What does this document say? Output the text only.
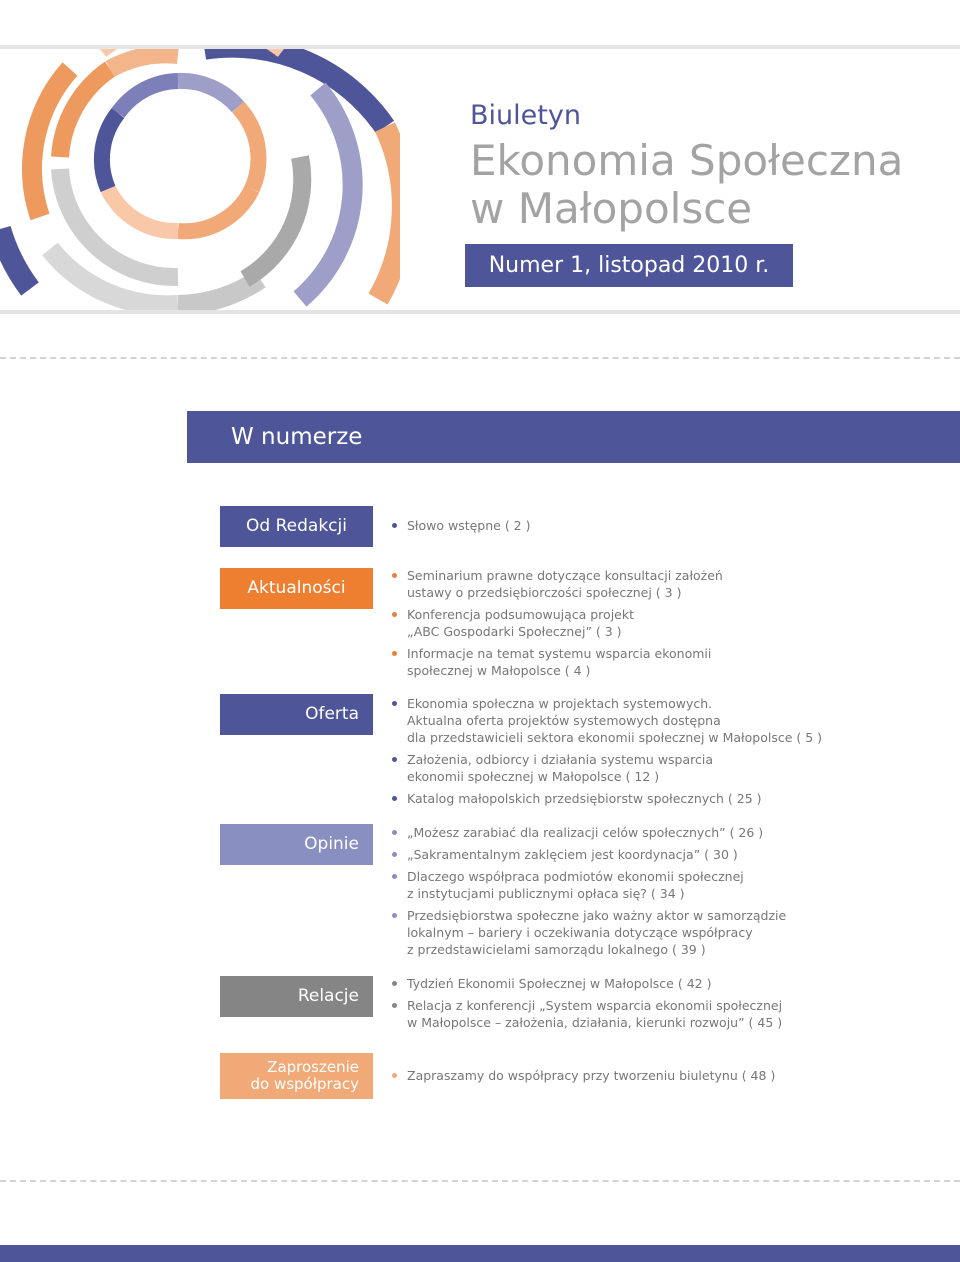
Biuletyn
Ekonomia Społeczna
w Małopolsce
Numer 1, listopad 2010 r.
W numerze
Od Redakcji	Słowo wstępne ( 2 )
Aktualności
Seminarium prawne dotyczące konsultacji założeń
ustawy o przedsiębiorczości społecznej ( 3 )
Konferencja podsumowująca projekt
„ABC Gospodarki Społecznej” ( 3 )
Informacje na temat systemu wsparcia ekonomii
społecznej w Małopolsce ( 4 )
Oferta
Ekonomia społeczna w projektach systemowych.
Aktualna oferta projektów systemowych dostępna
dla przedstawicieli sektora ekonomii społecznej w Małopolsce ( 5 )
Założenia, odbiorcy i działania systemu wsparcia
ekonomii społecznej w Małopolsce ( 12 )
Katalog małopolskich przedsiębiorstw społecznych ( 25 )
Opinie
„Możesz zarabiać dla realizacji celów społecznych” ( 26 )
„Sakramentalnym zaklęciem jest koordynacja” ( 30 )
Dlaczego współpraca podmiotów ekonomii społecznej
z instytucjami publicznymi opłaca się? ( 34 )
Przedsiębiorstwa społeczne jako ważny aktor w samorządzie
lokalnym – bariery i oczekiwania dotyczące współpracy
z przedstawicielami samorządu lokalnego ( 39 )
Relacje
Tydzień Ekonomii Społecznej w Małopolsce ( 42 )
Relacja z konferencji „System wsparcia ekonomii społecznej
w Małopolsce – założenia, działania, kierunki rozwoju” ( 45 )
Zaproszenie
do współpracy	Zapraszamy do współpracy przy tworzeniu biuletynu ( 48 )
